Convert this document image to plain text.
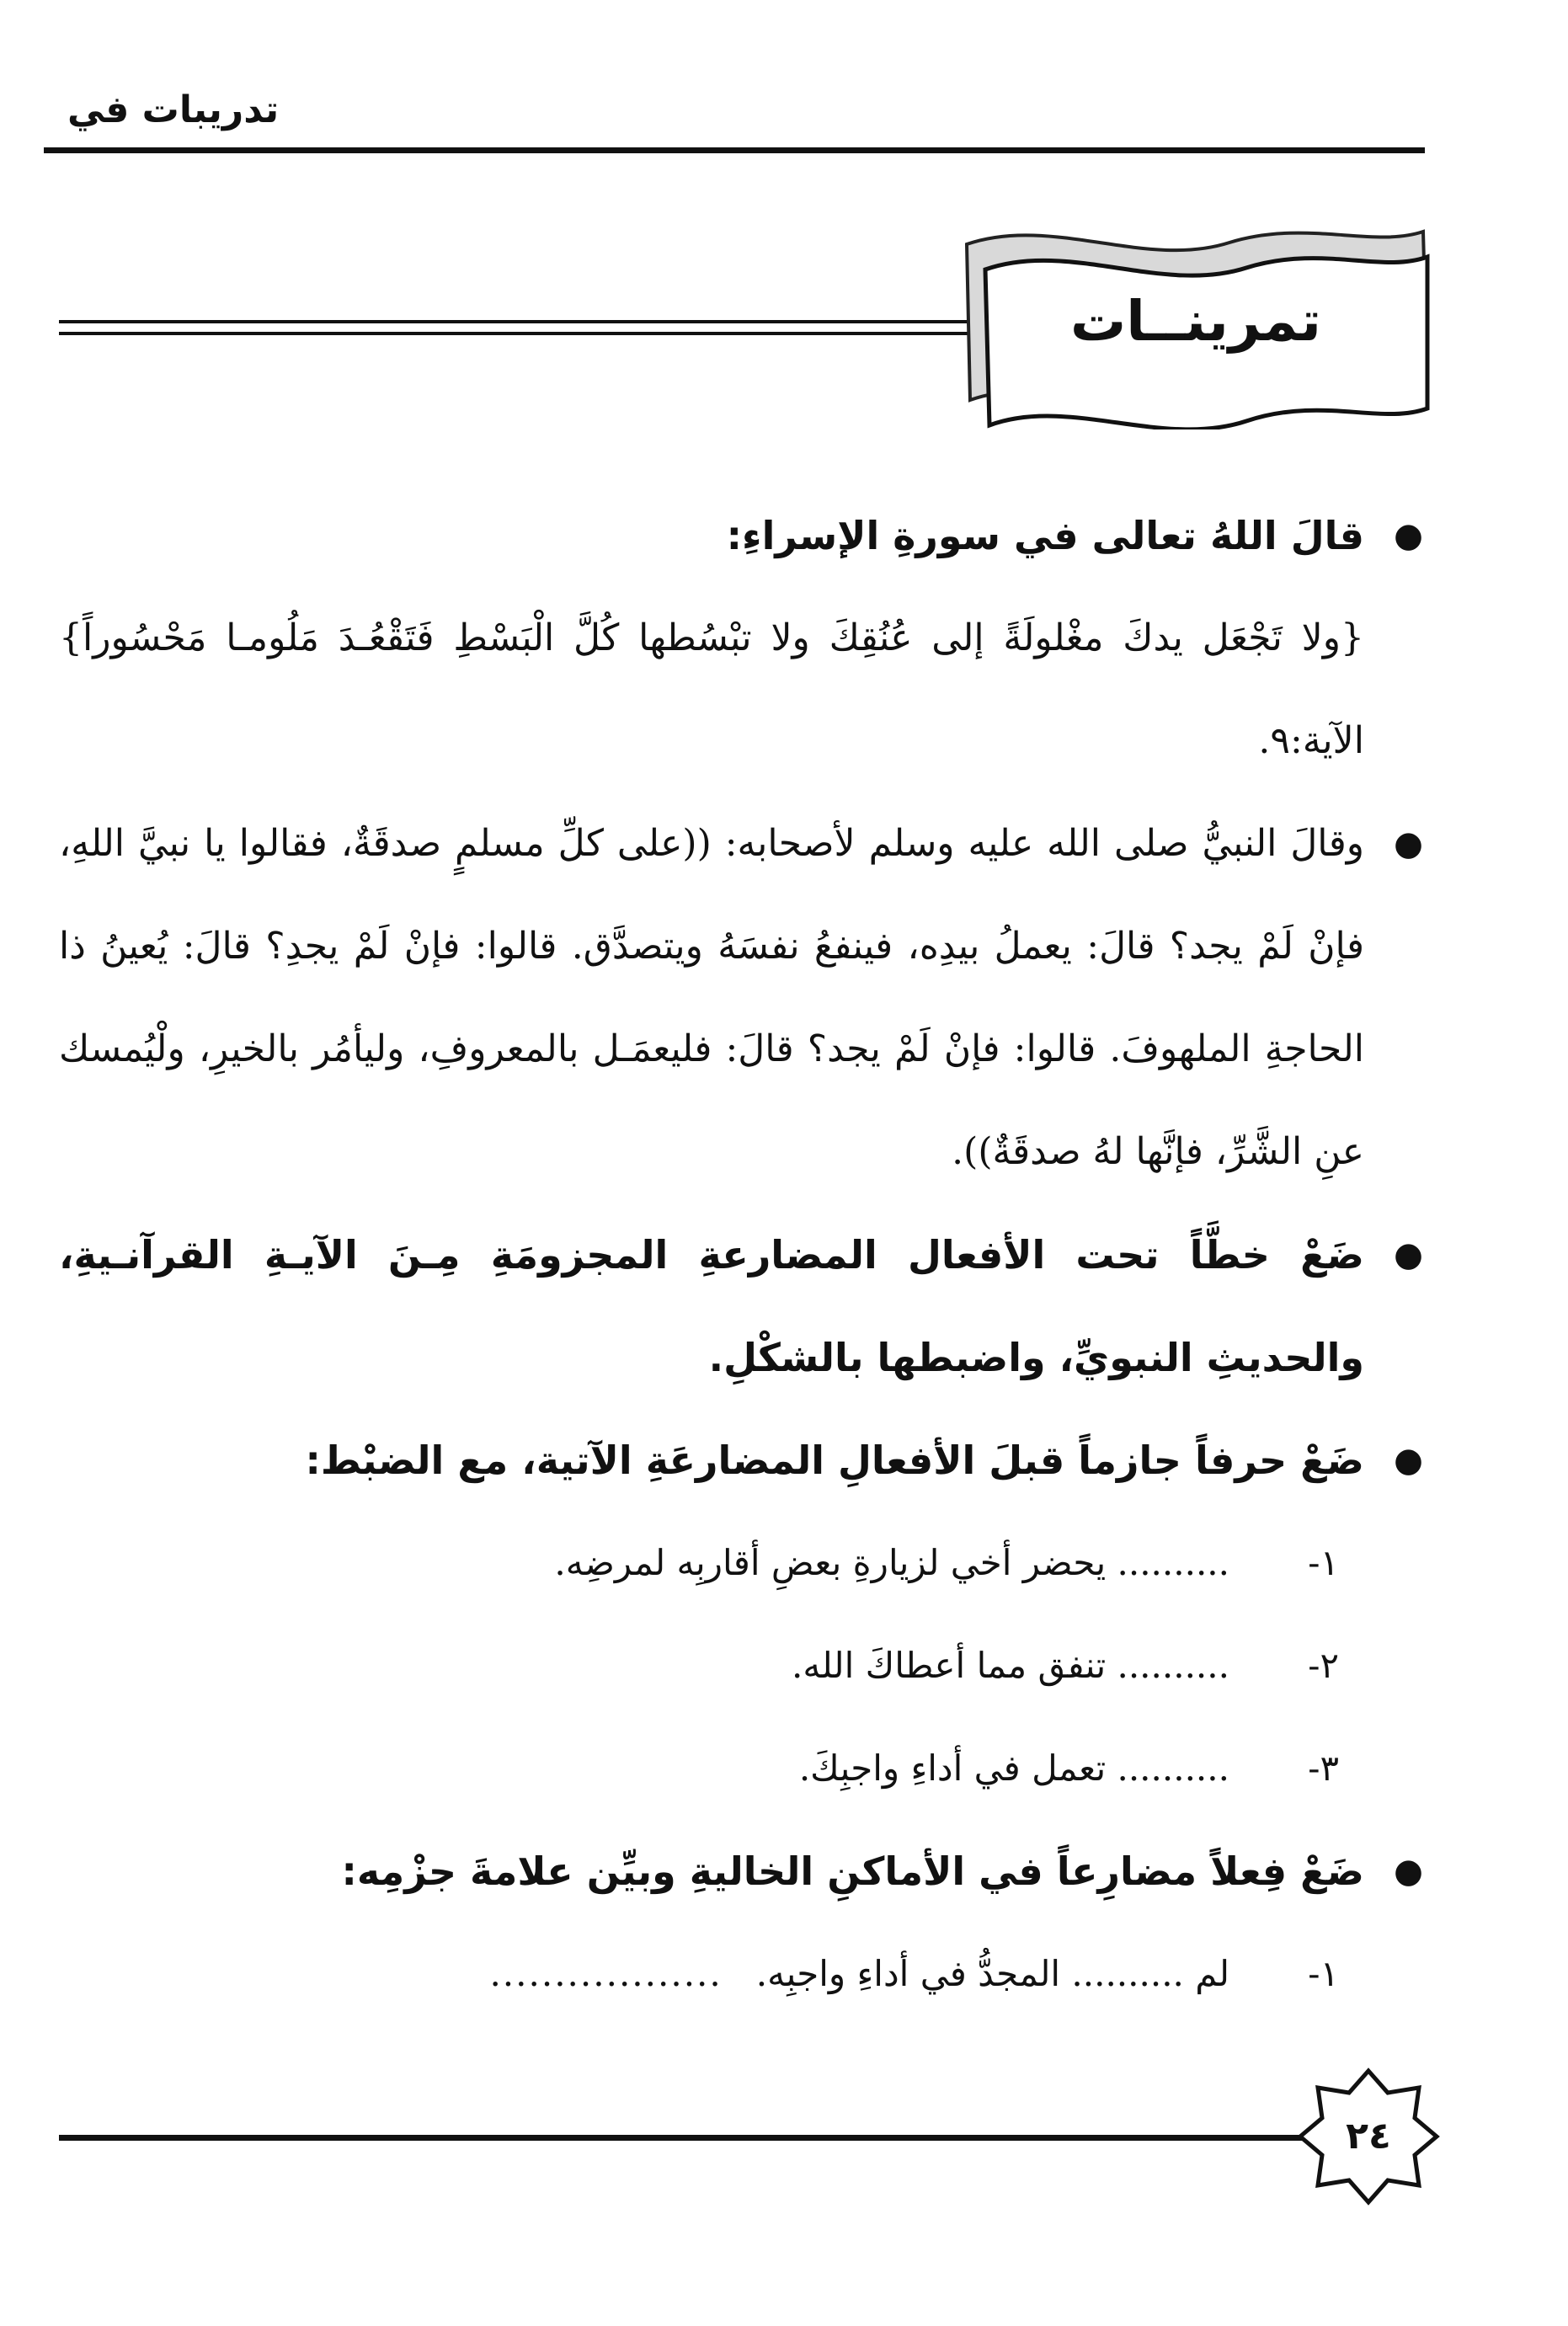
تدريبات في
تمرينــات
●
قالَ اللهُ تعالى في سورةِ الإسراءِ:
{ولا تَجْعَل يدكَ مغْلولَةً إلى عُنُقِكَ ولا تبْسُطها كُلَّ الْبَسْطِ فَتَقْعُـدَ مَلُومـا مَحْسُوراً} الآية:٩.
●
وقالَ النبيُّ صلى الله عليه وسلم لأصحابه: ((على كلِّ مسلمٍ صدقَةٌ، فقالوا يا نبيَّ اللهِ، فإنْ لَمْ يجد؟ قالَ: يعملُ بيدِه، فينفعُ نفسَهُ ويتصدَّق. قالوا: فإنْ لَمْ يجدِ؟ قالَ: يُعينُ ذا الحاجةِ الملهوفَ. قالوا: فإنْ لَمْ يجد؟ قالَ: فليعمَـل بالمعروفِ، وليأمُر بالخيرِ، ولْيُمسك عنِ الشَّرِّ، فإنَّها لهُ صدقَةٌ)).
●
ضَعْ خطَّاً تحت الأفعال المضارعةِ المجزومَةِ مِـنَ الآيـةِ القرآنـيةِ، والحديثِ النبويِّ، واضبطها بالشكْلِ.
●
ضَعْ حرفاً جازماً قبلَ الأفعالِ المضارعَةِ الآتية، مع الضبْط:
١-.......... يحضر أخي لزيارةِ بعضِ أقاربِه لمرضِه.
٢-.......... تنفق مما أعطاكَ الله.
٣-.......... تعمل في أداءِ واجبِكَ.
●
ضَعْ فِعلاً مضارِعاً في الأماكنِ الخاليةِ وبيِّن علامةَ جزْمِه:
١-لم .......... المجدُّ في أداءِ واجبِه...................
٢٤
